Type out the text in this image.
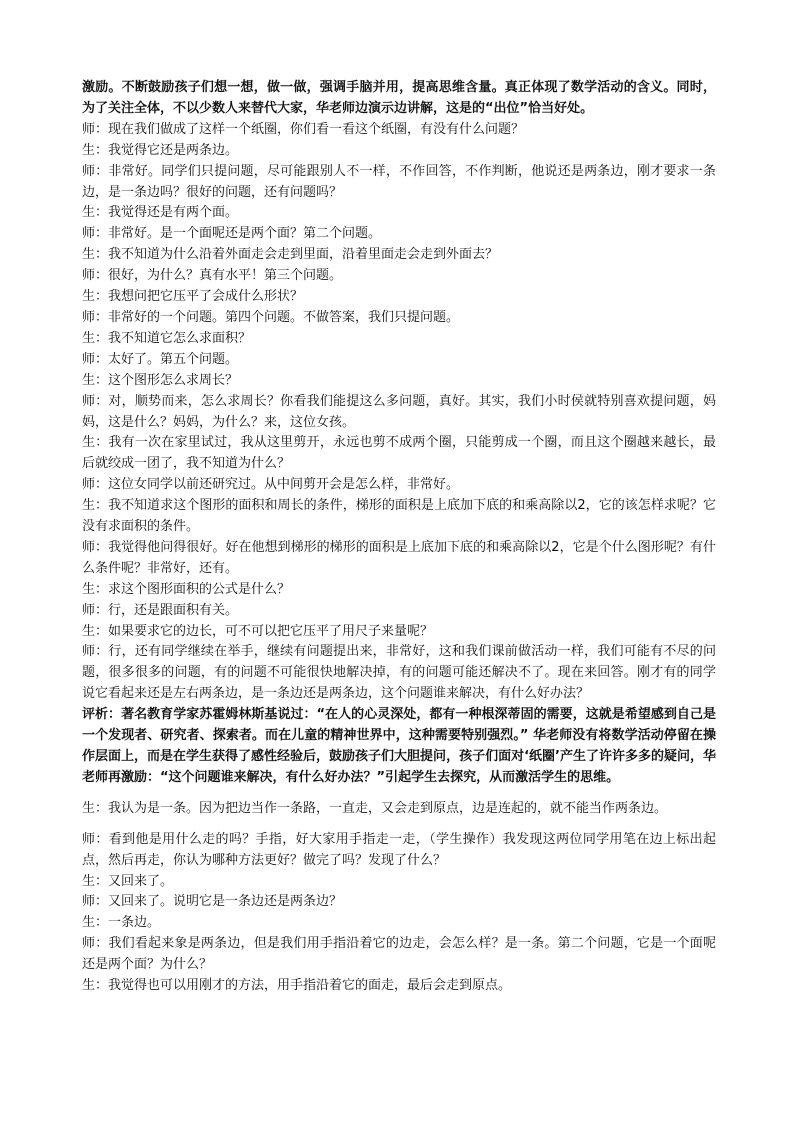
激励。不断鼓励孩子们想一想，做一做，强调手脑并用，提高思维含量。真正体现了数学活动的含义。同时，为了关注全体，不以少数人来替代大家，华老师边演示边讲解，这是的“出位”恰当好处。

师：现在我们做成了这样一个纸圈，你们看一看这个纸圈，有没有什么问题？

生：我觉得它还是两条边。

师：非常好。同学们只提问题，尽可能跟别人不一样，不作回答，不作判断，他说还是两条边，刚才要求一条边，是一条边吗？很好的问题，还有问题吗？

生：我觉得还是有两个面。

师：非常好。是一个面呢还是两个面？第二个问题。

生：我不知道为什么沿着外面走会走到里面，沿着里面走会走到外面去？

师：很好，为什么？真有水平！第三个问题。

生：我想问把它压平了会成什么形状？

师：非常好的一个问题。第四个问题。不做答案，我们只提问题。

生：我不知道它怎么求面积？

师：太好了。第五个问题。

生：这个图形怎么求周长？

师：对，顺势而来，怎么求周长？你看我们能提这么多问题，真好。其实，我们小时侯就特别喜欢提问题，妈妈，这是什么？妈妈，为什么？来，这位女孩。

生：我有一次在家里试过，我从这里剪开，永远也剪不成两个圈，只能剪成一个圈，而且这个圈越来越长，最后就绞成一团了，我不知道为什么？

师：这位女同学以前还研究过。从中间剪开会是怎么样，非常好。

生：我不知道求这个图形的面积和周长的条件，梯形的面积是上底加下底的和乘高除以2，它的该怎样求呢？它没有求面积的条件。

师：我觉得他问得很好。好在他想到梯形的梯形的面积是上底加下底的和乘高除以2，它是个什么图形呢？有什么条件呢？非常好，还有。

生：求这个图形面积的公式是什么？

师：行，还是跟面积有关。

生：如果要求它的边长，可不可以把它压平了用尺子来量呢？

师：行，还有同学继续在举手，继续有问题提出来，非常好，这和我们课前做活动一样，我们可能有不尽的问题，很多很多的问题，有的问题不可能很快地解决掉，有的问题可能还解决不了。现在来回答。刚才有的同学说它看起来还是左右两条边，是一条边还是两条边，这个问题谁来解决，有什么好办法？

评析：著名教育学家苏霍姆林斯基说过：“在人的心灵深处，都有一种根深蒂固的需要，这就是希望感到自己是一个发现者、研究者、探索者。而在儿童的精神世界中，这种需要特别强烈。” 华老师没有将数学活动停留在操作层面上，而是在学生获得了感性经验后，鼓励孩子们大胆提问，孩子们面对‘纸圈’产生了许许多多的疑问，华老师再激励：“这个问题谁来解决，有什么好办法？”引起学生去探究，从而激活学生的思维。

生：我认为是一条。因为把边当作一条路，一直走，又会走到原点，边是连起的，就不能当作两条边。

师：看到他是用什么走的吗？手指，好大家用手指走一走，（学生操作）我发现这两位同学用笔在边上标出起点，然后再走，你认为哪种方法更好？做完了吗？发现了什么？

生：又回来了。

师：又回来了。说明它是一条边还是两条边？

生：一条边。

师：我们看起来象是两条边，但是我们用手指沿着它的边走，会怎么样？是一条。第二个问题，它是一个面呢还是两个面？为什么？

生：我觉得也可以用刚才的方法，用手指沿着它的面走，最后会走到原点。
